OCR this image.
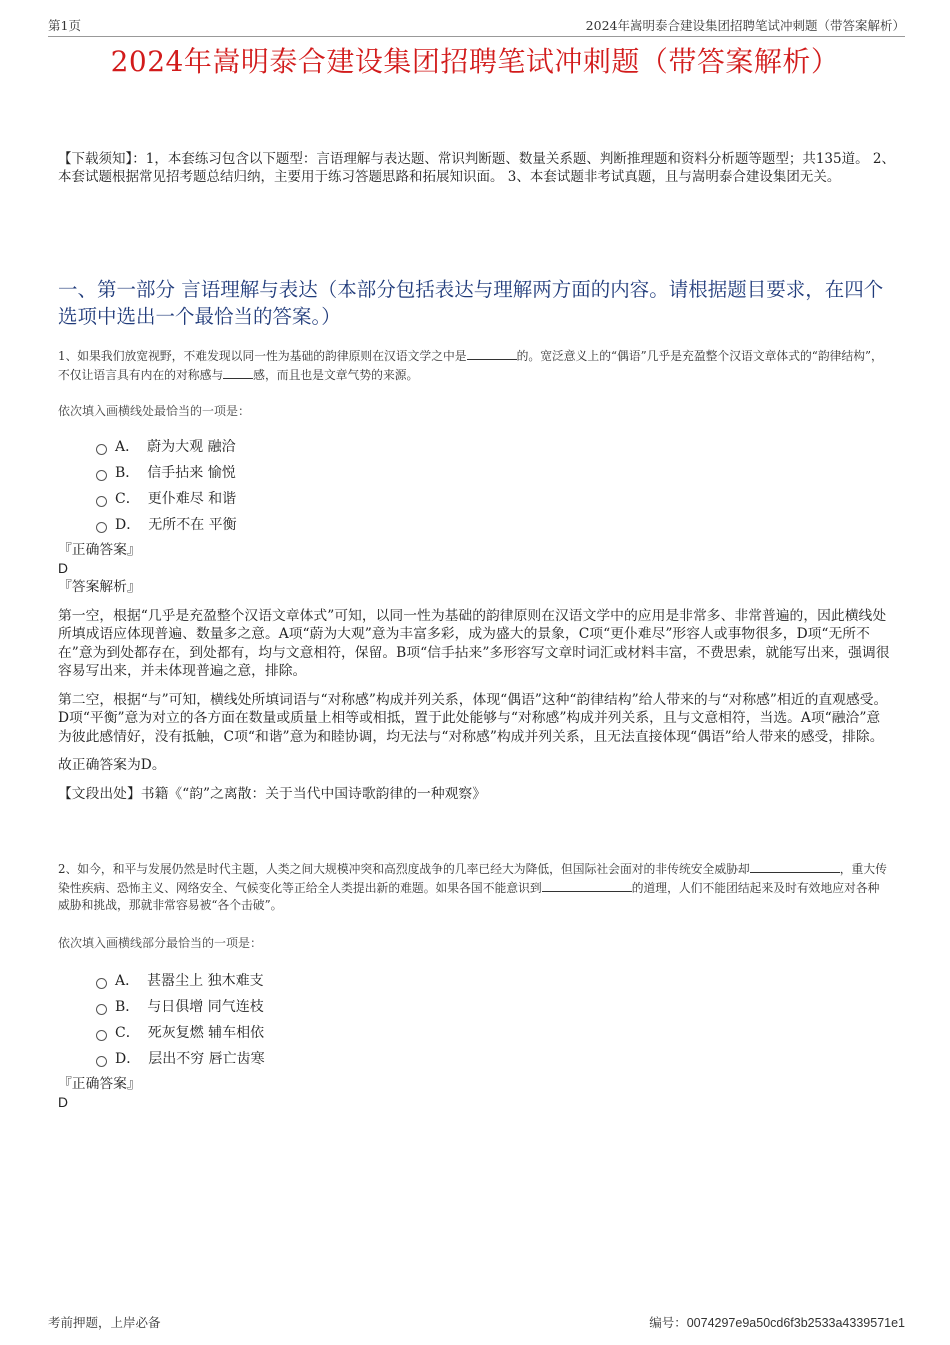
第1页	2024年嵩明泰合建设集团招聘笔试冲刺题（带答案解析）
2024年嵩明泰合建设集团招聘笔试冲刺题（带答案解析）
【下载须知】：1，本套练习包含以下题型：言语理解与表达题、常识判断题、数量关系题、判断推理题和资料分析题等题型；共135道。 2、本套试题根据常见招考题总结归纳，主要用于练习答题思路和拓展知识面。 3、本套试题非考试真题，且与嵩明泰合建设集团无关。
一、第一部分 言语理解与表达（本部分包括表达与理解两方面的内容。请根据题目要求，在四个选项中选出一个最恰当的答案。）
1、如果我们放宽视野，不难发现以同一性为基础的韵律原则在汉语文学之中是	的。宽泛意义上的“偶语”几乎是充盈整个汉语文章体式的“韵律结构”，不仅让语言具有内在的对称感与	感，而且也是文章气势的来源。
依次填入画横线处最恰当的一项是：
A． 蔚为大观 融洽
B． 信手拈来 愉悦
C． 更仆难尽 和谐
D． 无所不在 平衡
『正确答案』
D
『答案解析』

第一空，根据“几乎是充盈整个汉语文章体式”可知，以同一性为基础的韵律原则在汉语文学中的应用是非常多、非常普遍的，因此横线处所填成语应体现普遍、数量多之意。A项“蔚为大观”意为丰富多彩，成为盛大的景象，C项“更仆难尽”形容人或事物很多，D项“无所不在”意为到处都存在，到处都有，均与文意相符，保留。B项“信手拈来”多形容写文章时词汇或材料丰富，不费思索，就能写出来，强调很容易写出来，并未体现普遍之意，排除。

第二空，根据“与”可知，横线处所填词语与“对称感”构成并列关系，体现“偶语”这种“韵律结构”给人带来的与“对称感”相近的直观感受。D项“平衡”意为对立的各方面在数量或质量上相等或相抵，置于此处能够与“对称感”构成并列关系，且与文意相符，当选。A项“融洽”意为彼此感情好，没有抵触，C项“和谐”意为和睦协调，均无法与“对称感”构成并列关系，且无法直接体现“偶语”给人带来的感受，排除。

故正确答案为D。

【文段出处】书籍《“韵”之离散：关于当代中国诗歌韵律的一种观察》

2、如今，和平与发展仍然是时代主题，人类之间大规模冲突和高烈度战争的几率已经大为降低，但国际社会面对的非传统安全威胁却	，重大传染性疾病、恐怖主义、网络安全、气候变化等正给全人类提出新的难题。如果各国不能意识到	的道理，人们不能团结起来及时有效地应对各种威胁和挑战，那就非常容易被“各个击破”。
依次填入画横线部分最恰当的一项是：
A． 甚嚣尘上 独木难支
B． 与日俱增 同气连枝
C． 死灰复燃 辅车相依
D． 层出不穷 唇亡齿寒
『正确答案』
D
考前押题，上岸必备	编号：0074297e9a50cd6f3b2533a4339571e1
